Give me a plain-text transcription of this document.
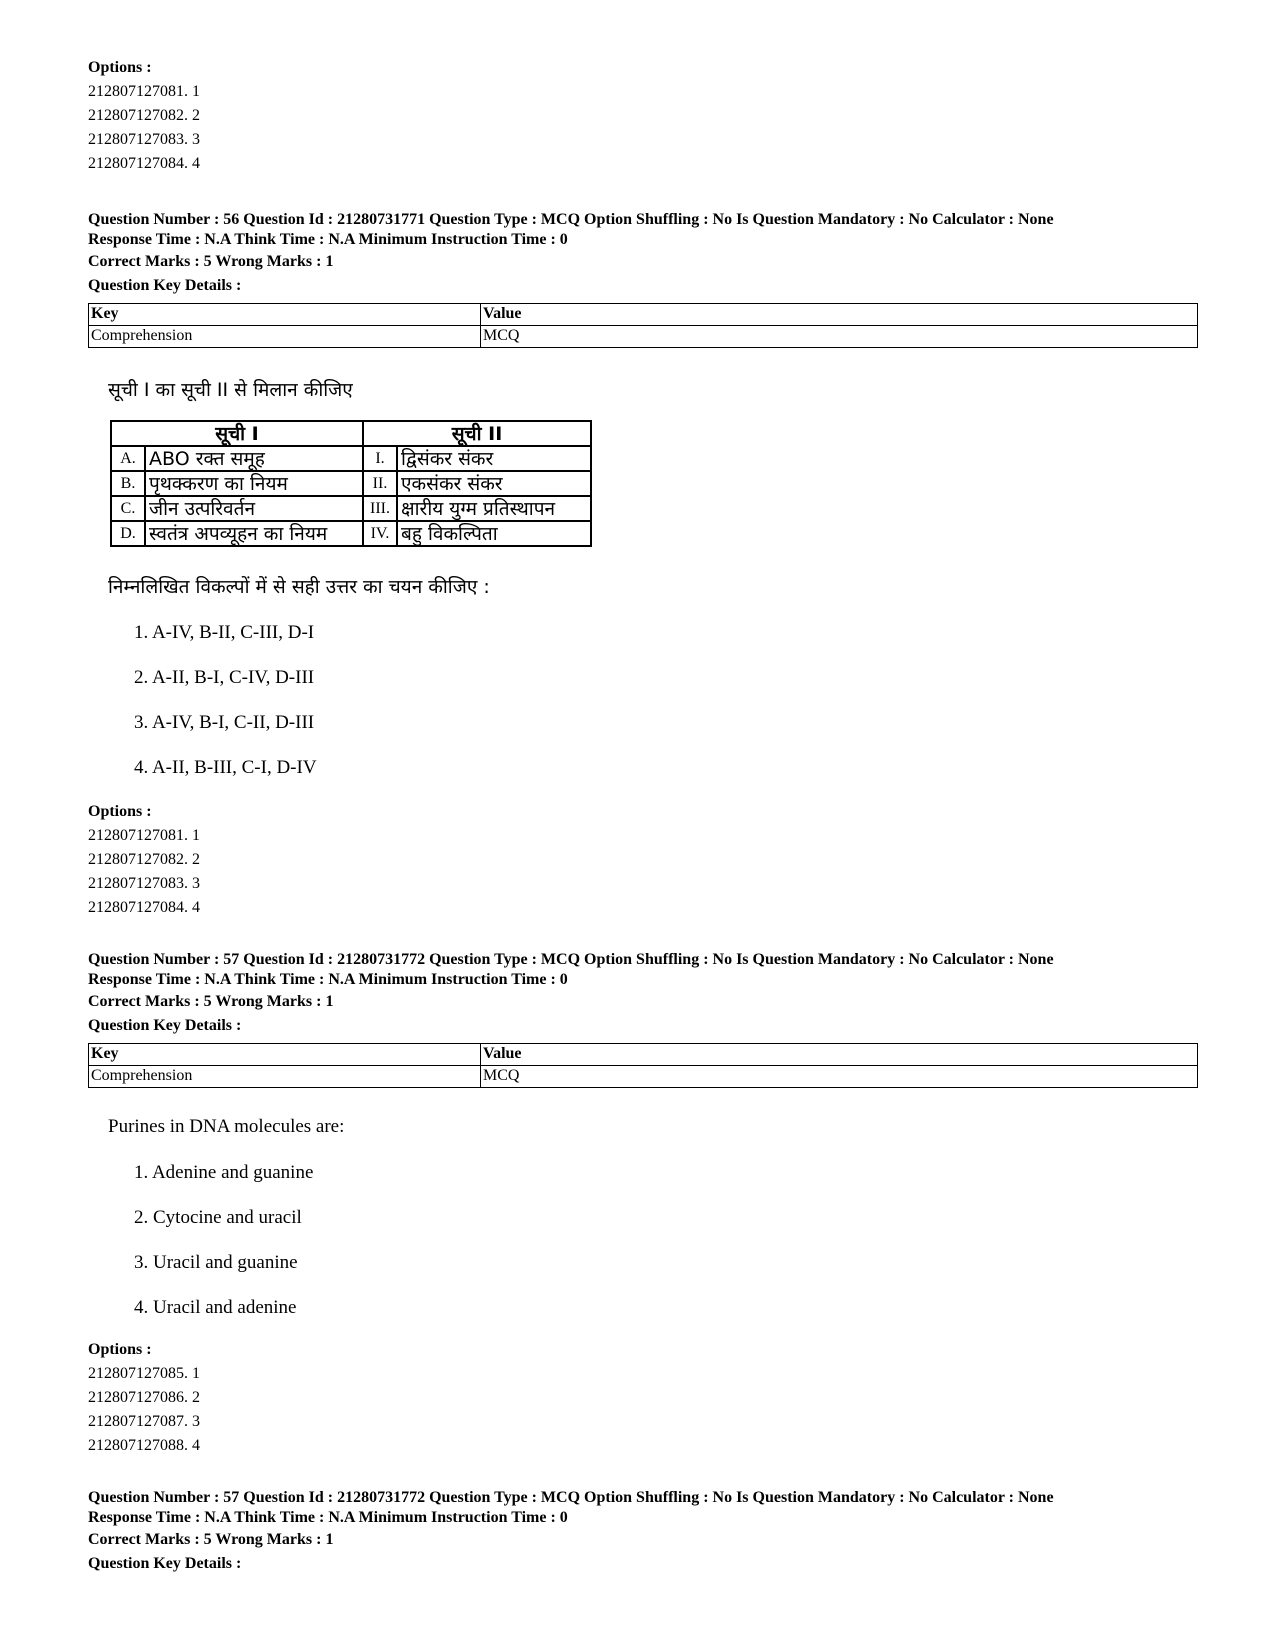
Options :
212807127081. 1
212807127082. 2
212807127083. 3
212807127084. 4
Question Number : 56 Question Id : 21280731771 Question Type : MCQ Option Shuffling : No Is Question Mandatory : No Calculator : None
Response Time : N.A Think Time : N.A Minimum Instruction Time : 0
Correct Marks : 5 Wrong Marks : 1
Question Key Details :
Key	Value
Comprehension	MCQ
सूची I का सूची II से मिलान कीजिए
सूची I		सूची II	
A.	ABO रक्त समूह	I.	द्विसंकर संकर
B.	पृथक्करण का नियम	II.	एकसंकर संकर
C.	जीन उत्परिवर्तन	III.	क्षारीय युग्म प्रतिस्थापन
D.	स्वतंत्र अपव्यूहन का नियम	IV.	बहु विकल्पिता
निम्नलिखित विकल्पों में से सही उत्तर का चयन कीजिए :
1. A-IV, B-II, C-III, D-I
2. A-II, B-I, C-IV, D-III
3. A-IV, B-I, C-II, D-III
4. A-II, B-III, C-I, D-IV
Options :
212807127081. 1
212807127082. 2
212807127083. 3
212807127084. 4
Question Number : 57 Question Id : 21280731772 Question Type : MCQ Option Shuffling : No Is Question Mandatory : No Calculator : None
Response Time : N.A Think Time : N.A Minimum Instruction Time : 0
Correct Marks : 5 Wrong Marks : 1
Question Key Details :
Key	Value
Comprehension	MCQ
Purines in DNA molecules are:
1. Adenine and guanine
2. Cytocine and uracil
3. Uracil and guanine
4. Uracil and adenine
Options :
212807127085. 1
212807127086. 2
212807127087. 3
212807127088. 4
Question Number : 57 Question Id : 21280731772 Question Type : MCQ Option Shuffling : No Is Question Mandatory : No Calculator : None
Response Time : N.A Think Time : N.A Minimum Instruction Time : 0
Correct Marks : 5 Wrong Marks : 1
Question Key Details :
